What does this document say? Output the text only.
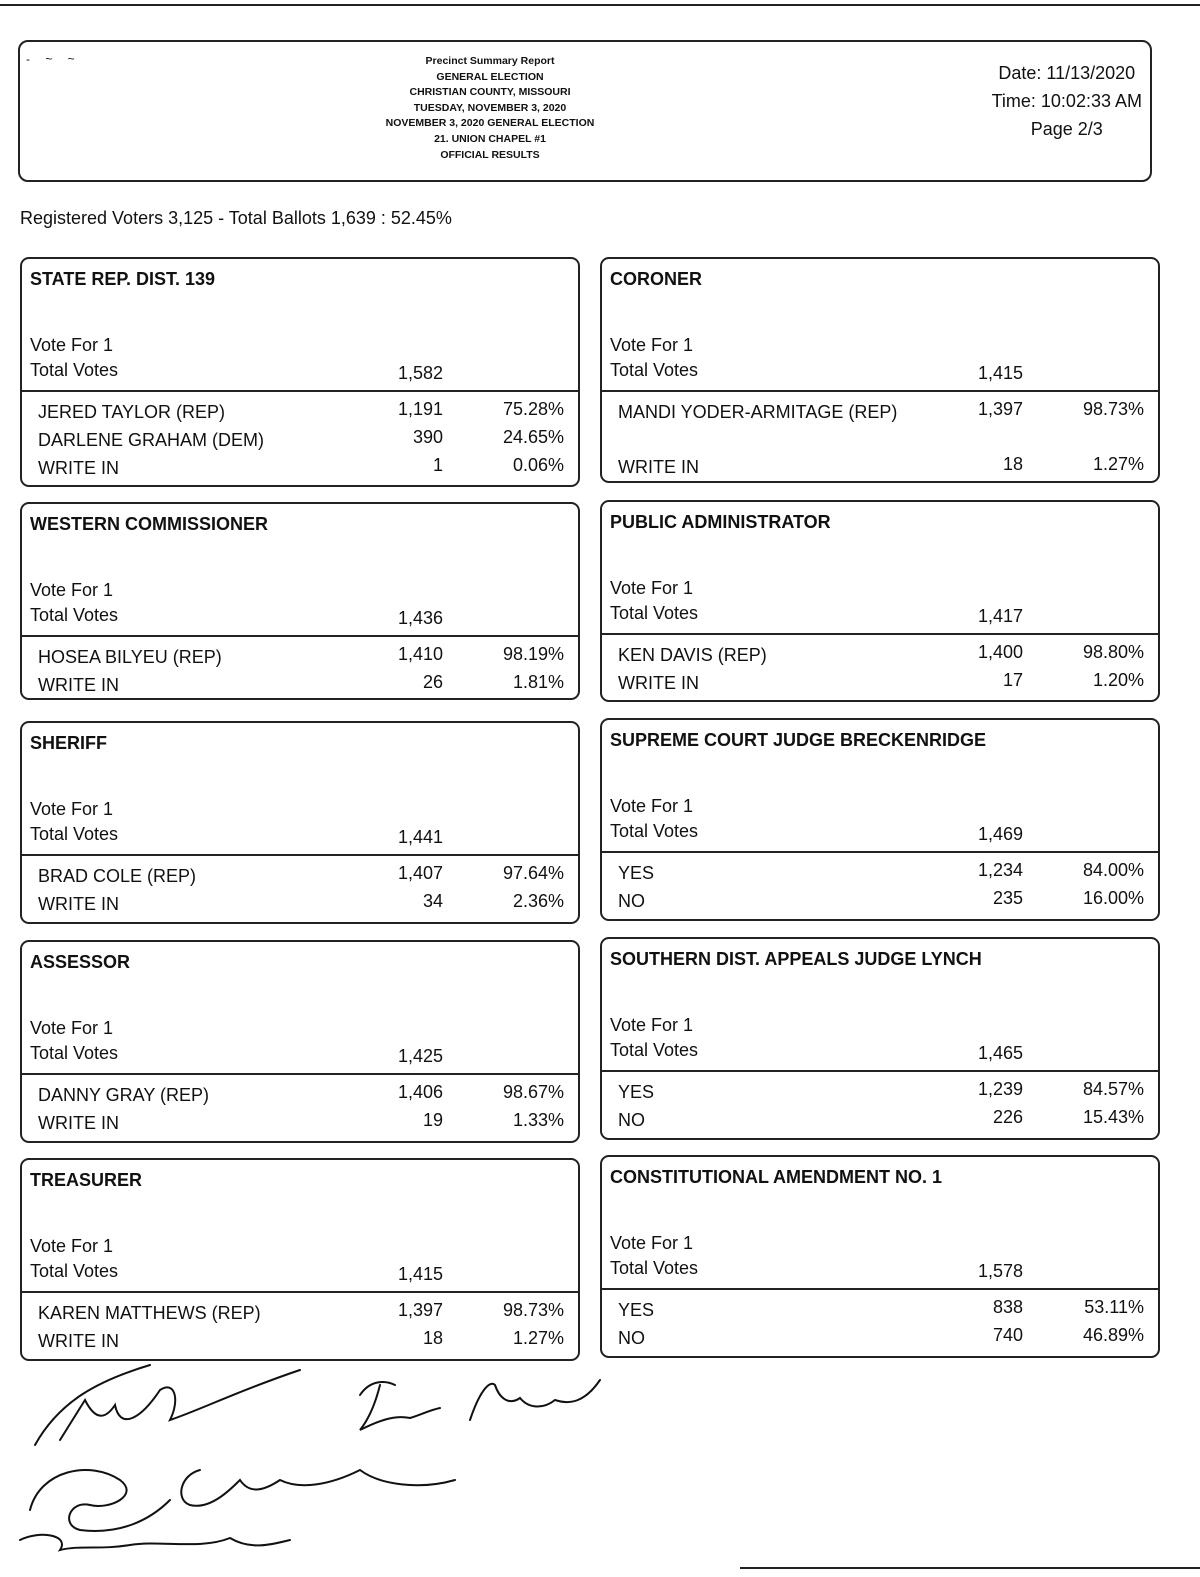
- ~ ~	Precinct Summary Report
GENERAL ELECTION
CHRISTIAN COUNTY, MISSOURI
TUESDAY, NOVEMBER 3, 2020
NOVEMBER 3, 2020 GENERAL ELECTION
21. UNION CHAPEL #1
OFFICIAL RESULTS
Date: 11/13/2020
Time: 10:02:33 AM
Page 2/3
Registered Voters 3,125 - Total Ballots 1,639 : 52.45%
STATE REP. DIST. 139
Vote For 1
Total Votes	1,582
JERED TAYLOR (REP)	1,191	75.28%
DARLENE GRAHAM (DEM)	390	24.65%
WRITE IN	1	0.06%
CORONER
Vote For 1
Total Votes	1,415
MANDI YODER-ARMITAGE (REP)	1,397	98.73%
WRITE IN	18	1.27%
WESTERN COMMISSIONER
Vote For 1
Total Votes	1,436
HOSEA BILYEU (REP)	1,410	98.19%
WRITE IN	26	1.81%
PUBLIC ADMINISTRATOR
Vote For 1
Total Votes	1,417
KEN DAVIS (REP)	1,400	98.80%
WRITE IN	17	1.20%
SHERIFF
Vote For 1
Total Votes	1,441
BRAD COLE (REP)	1,407	97.64%
WRITE IN	34	2.36%
SUPREME COURT JUDGE BRECKENRIDGE
Vote For 1
Total Votes	1,469
YES	1,234	84.00%
NO	235	16.00%
ASSESSOR
Vote For 1
Total Votes	1,425
DANNY GRAY (REP)	1,406	98.67%
WRITE IN	19	1.33%
SOUTHERN DIST. APPEALS JUDGE LYNCH
Vote For 1
Total Votes	1,465
YES	1,239	84.57%
NO	226	15.43%
TREASURER
Vote For 1
Total Votes	1,415
KAREN MATTHEWS (REP)	1,397	98.73%
WRITE IN	18	1.27%
CONSTITUTIONAL AMENDMENT NO. 1
Vote For 1
Total Votes	1,578
YES	838	53.11%
NO	740	46.89%
